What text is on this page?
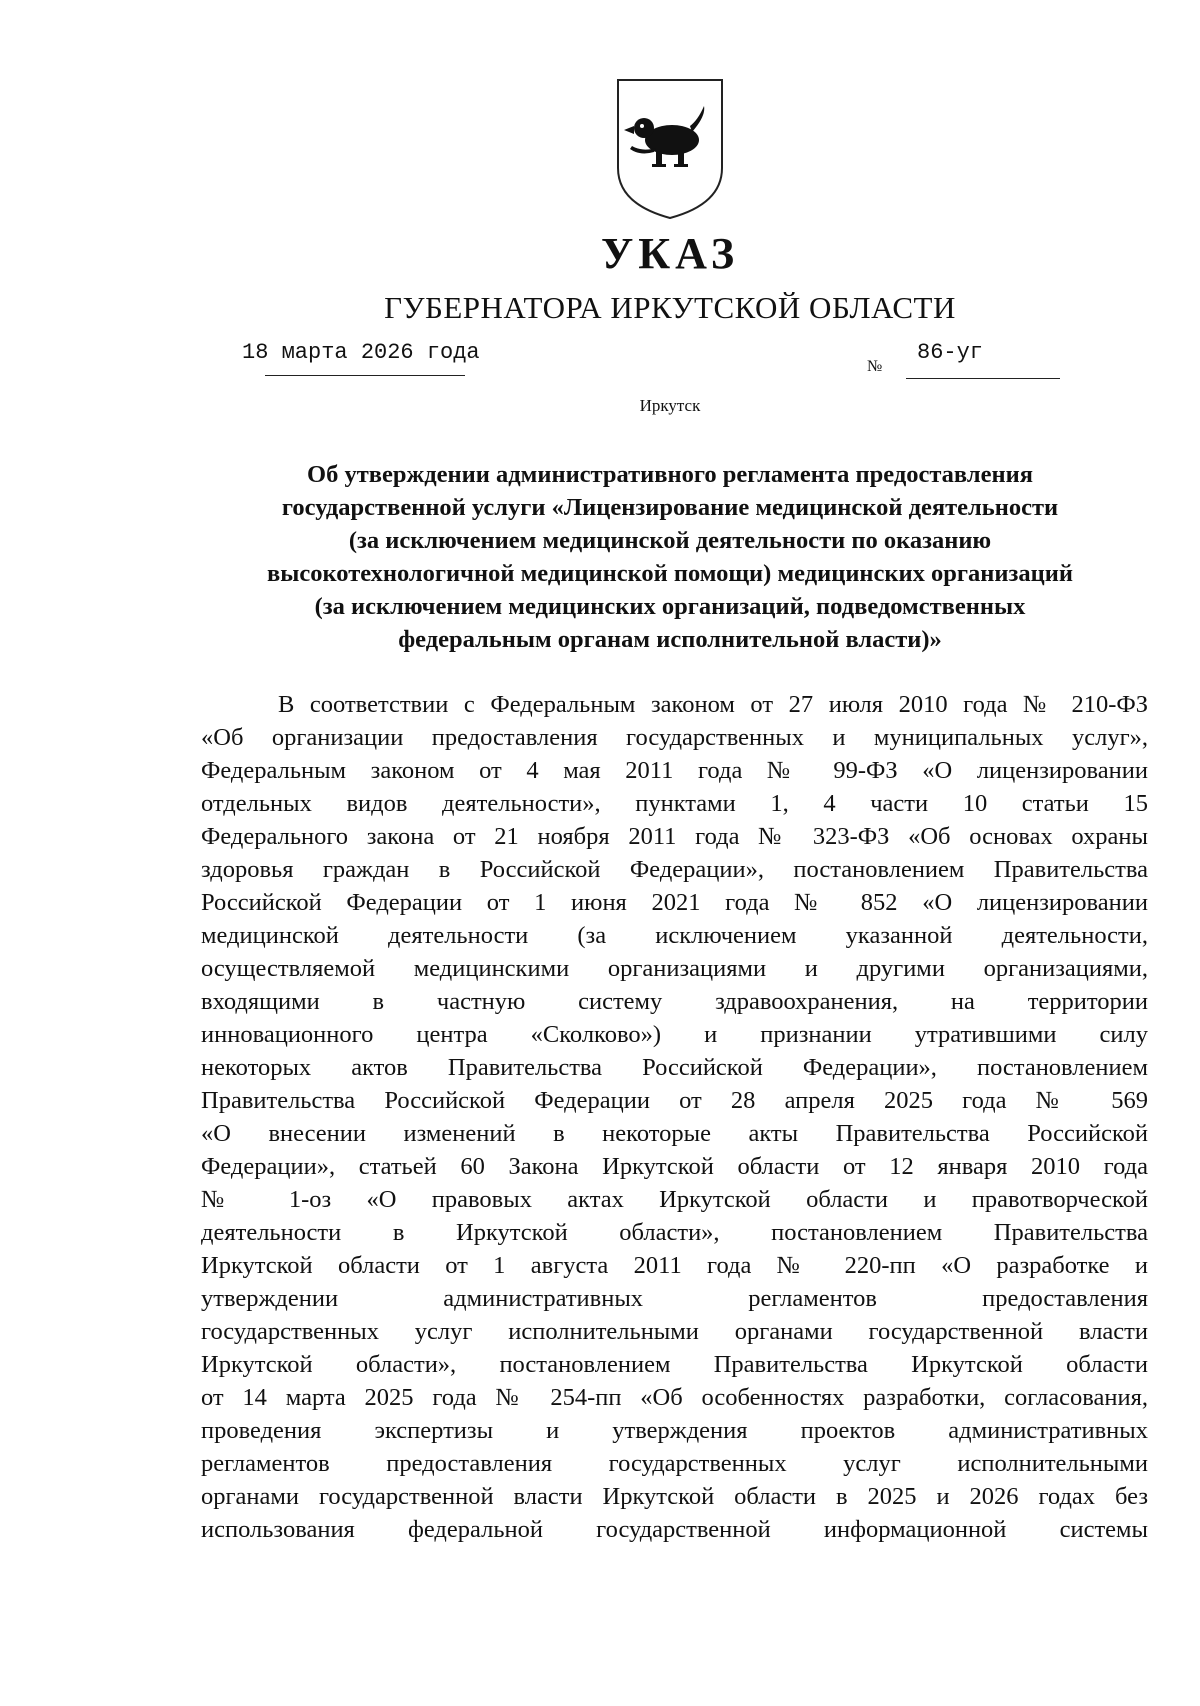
УКАЗ
ГУБЕРНАТОРА ИРКУТСКОЙ ОБЛАСТИ
18 марта 2026 года
№
86-уг
Иркутск
Об утверждении административного регламента предоставления
государственной услуги «Лицензирование медицинской деятельности
(за исключением медицинской деятельности по оказанию
высокотехнологичной медицинской помощи) медицинских организаций
(за исключением медицинских организаций, подведомственных
федеральным органам исполнительной власти)»
В соответствии с Федеральным законом от 27 июля 2010 года № 210-ФЗ
«Об организации предоставления государственных и муниципальных услуг»,
Федеральным законом от 4 мая 2011 года № 99-ФЗ «О лицензировании
отдельных видов деятельности», пунктами 1, 4 части 10 статьи 15
Федерального закона от 21 ноября 2011 года № 323-ФЗ «Об основах охраны
здоровья граждан в Российской Федерации», постановлением Правительства
Российской Федерации от 1 июня 2021 года № 852 «О лицензировании
медицинской деятельности (за исключением указанной деятельности,
осуществляемой медицинскими организациями и другими организациями,
входящими в частную систему здравоохранения, на территории
инновационного центра «Сколково») и признании утратившими силу
некоторых актов Правительства Российской Федерации», постановлением
Правительства Российской Федерации от 28 апреля 2025 года № 569
«О внесении изменений в некоторые акты Правительства Российской
Федерации», статьей 60 Закона Иркутской области от 12 января 2010 года
№ 1-оз «О правовых актах Иркутской области и правотворческой
деятельности в Иркутской области», постановлением Правительства
Иркутской области от 1 августа 2011 года № 220-пп «О разработке и
утверждении административных регламентов предоставления
государственных услуг исполнительными органами государственной власти
Иркутской области», постановлением Правительства Иркутской области
от 14 марта 2025 года № 254-пп «Об особенностях разработки, согласования,
проведения экспертизы и утверждения проектов административных
регламентов предоставления государственных услуг исполнительными
органами государственной власти Иркутской области в 2025 и 2026 годах без
использования федеральной государственной информационной системы
